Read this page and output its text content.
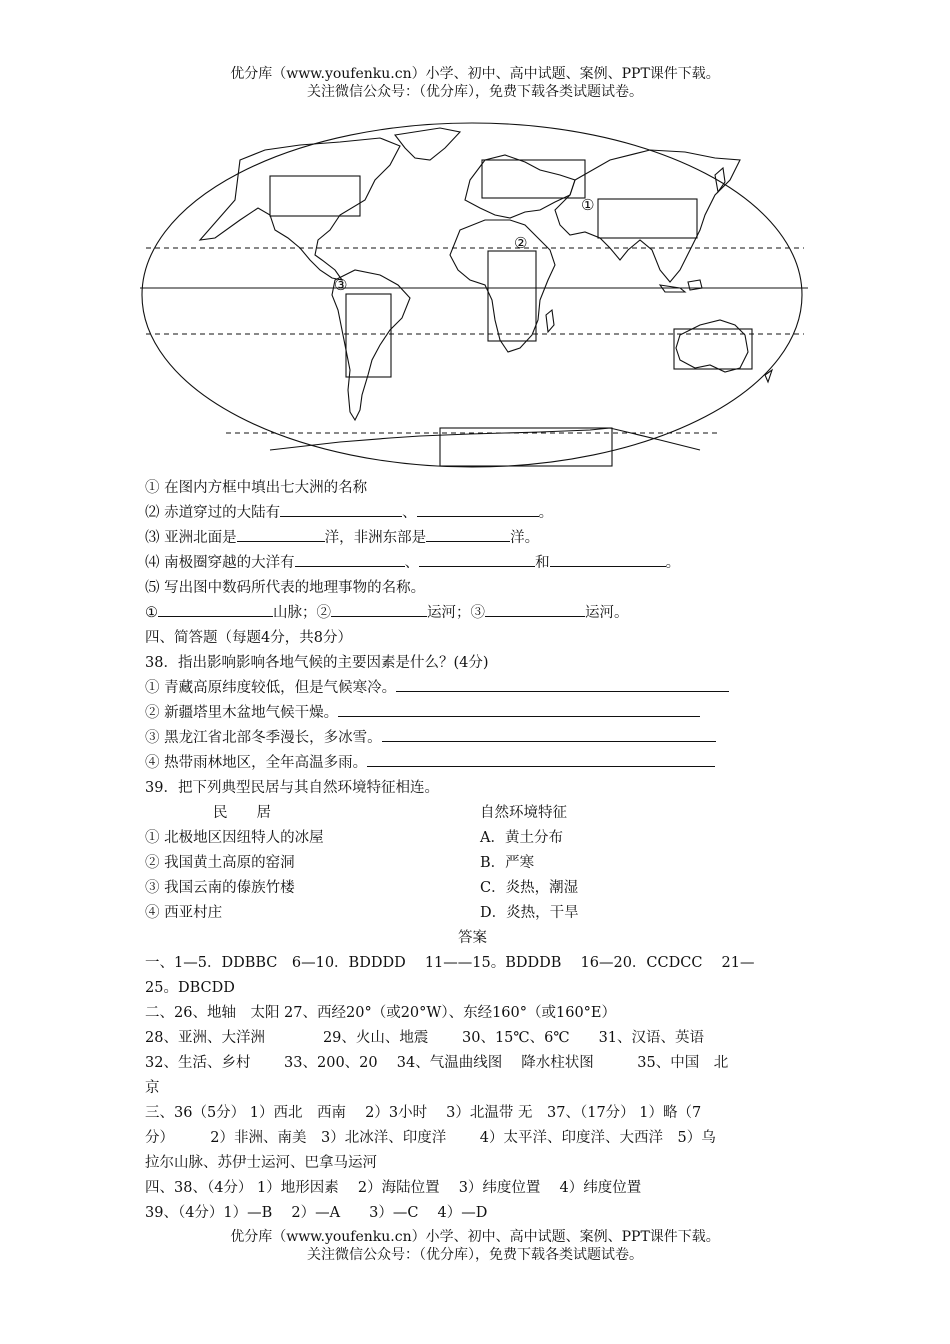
优分库（www.youfenku.cn）小学、初中、高中试题、案例、PPT课件下载。
关注微信公众号：（优分库），免费下载各类试题试卷。
①
②
③
① 在图内方框中填出七大洲的名称
⑵ 赤道穿过的大陆有	、	。
⑶ 亚洲北面是	洋，非洲东部是	洋。
⑷ 南极圈穿越的大洋有	、	和	。
⑸ 写出图中数码所代表的地理事物的名称。
①	山脉；②	运河；③	运河。
四、简答题（每题4分，共8分）
38．指出影响影响各地气候的主要因素是什么？(4分)
① 青藏高原纬度较低，但是气候寒冷。
② 新疆塔里木盆地气候干燥。
③ 黑龙江省北部冬季漫长，多冰雪。
④ 热带雨林地区，全年高温多雨。
39．把下列典型民居与其自然环境特征相连。
民　　居	自然环境特征
① 北极地区因纽特人的冰屋	A．黄土分布
② 我国黄土高原的窑洞	B．严寒
③ 我国云南的傣族竹楼	C．炎热，潮湿
④ 西亚村庄	D．炎热，干旱
答案
一、1—5．DDBBC　6—10．BDDDD　 11——15。BDDDB　 16—20．CCDCC　 21—
25。DBCDD
二、26、地轴　太阳 27、西经20°（或20°W）、东经160°（或160°E）
28、亚洲、大洋洲　　　　29、火山、地震　　 30、15℃、6℃　　31、汉语、英语
32、生活、乡村　　 33、200、20　 34、气温曲线图　 降水柱状图　　　35、中国　北
京
三、36（5分） 1）西北　西南　 2）3小时　 3）北温带 无　37、（17分） 1）略（7
分）　　　2）非洲、南美　3）北冰洋、印度洋　　 4）太平洋、印度洋、大西洋　5）乌
拉尔山脉、苏伊士运河、巴拿马运河
四、38、（4分） 1）地形因素　 2）海陆位置　 3）纬度位置　 4）纬度位置
39、（4分）1）—B　 2）—A　　3）—C　 4）—D
优分库（www.youfenku.cn）小学、初中、高中试题、案例、PPT课件下载。
关注微信公众号：（优分库），免费下载各类试题试卷。
